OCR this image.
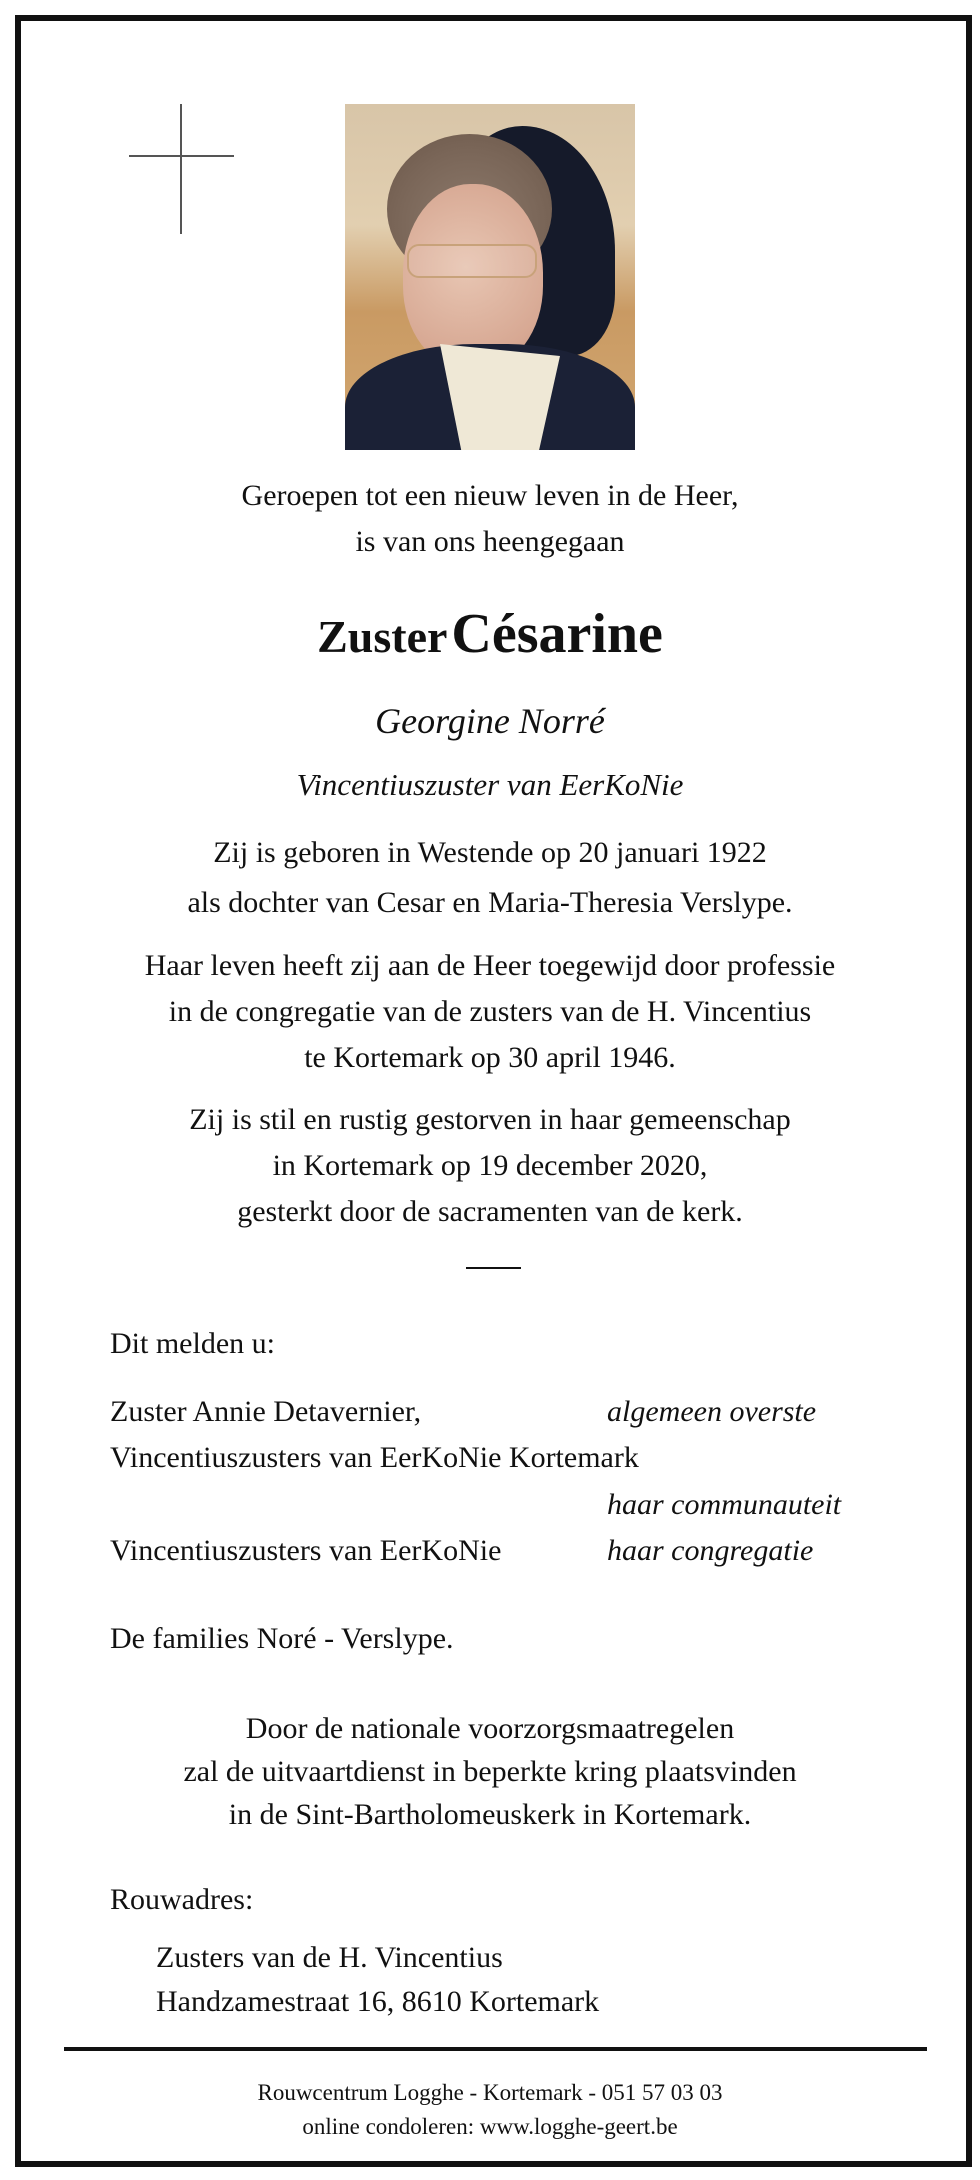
Geroepen tot een nieuw leven in de Heer,
is van ons heengegaan
Zuster Césarine
Georgine Norré
Vincentiuszuster van EerKoNie
Zij is geboren in Westende op 20 januari 1922
als dochter van Cesar en Maria-Theresia Verslype.
Haar leven heeft zij aan de Heer toegewijd door professie
in de congregatie van de zusters van de H. Vincentius
te Kortemark op 30 april 1946.
Zij is stil en rustig gestorven in haar gemeenschap
in Kortemark op 19 december 2020,
gesterkt door de sacramenten van de kerk.
Dit melden u:
Zuster Annie Detavernier,	algemeen overste
Vincentiuszusters van EerKoNie Kortemark
haar communauteit
Vincentiuszusters van EerKoNie	haar congregatie
De families Noré - Verslype.
Door de nationale voorzorgsmaatregelen
zal de uitvaartdienst in beperkte kring plaatsvinden
in de Sint-Bartholomeuskerk in Kortemark.
Rouwadres:
Zusters van de H. Vincentius
Handzamestraat 16, 8610 Kortemark
Rouwcentrum Logghe - Kortemark - 051 57 03 03
online condoleren: www.logghe-geert.be
